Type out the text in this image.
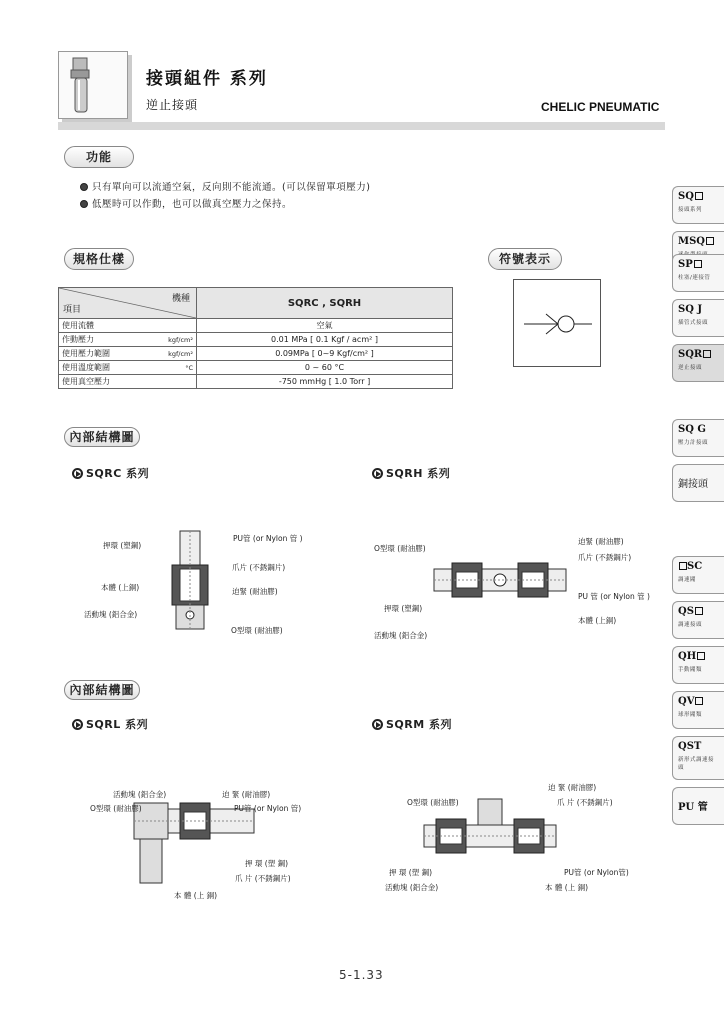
接頭組件 系列
逆止接頭	CHELIC PNEUMATIC
功能
只有單向可以流通空氣，反向則不能流通。(可以保留單項壓力)
低壓時可以作動，也可以做真空壓力之保持。
規格仕樣	符號表示
機種
項目		SQRC , SQRH
使用流體		空氣
作動壓力	kgf/cm²	0.01 MPa [ 0.1 Kgf / acm² ]
使用壓力範圍	kgf/cm²	0.09MPa [ 0~9 Kgf/cm² ]
使用溫度範圍	°C	0 ~ 60 °C
使用真空壓力		-750 mmHg [ 1.0 Torr ]
內部結構圖
SQRC 系列	SQRH 系列
PU管 (or Nylon 管 )
押環 (塑鋼)
爪片 (不銹鋼片)
本體 (上銅)	迫緊 (耐油膠)
活動塊 (鋁合金)
O型環 (耐油膠)
O型環 (耐油膠)
迫緊 (耐油膠)
爪片 (不銹鋼片)
PU 管 (or Nylon 管 )
押環 (塑鋼)
本體 (上銅)
活動塊 (鋁合金)
內部結構圖
SQRL 系列	SQRM 系列
活動塊 (鋁合金)	迫 緊 (耐油膠)
O型環 (耐油膠)	PU管 (or Nylon 管)
押 環 (塑 鋼)
爪 片 (不銹鋼片)
本 體 (上 銅)
迫 緊 (耐油膠)
O型環 (耐油膠)	爪 片 (不銹鋼片)
押 環 (塑 鋼)	PU管 (or Nylon管)
活動塊 (鋁合金)	本 體 (上 銅)
SQ
接頭系列
MSQ
SP
柱塞/連接管
SQ J
插管式接頭
SQR
逆止接頭
SQ G
壓力計接頭
銅接頭
SC
調速閥
QS
調速接頭
QH
手動閥類
QV
球形閥類
QST
新形式調速接頭
PU 管
5-1.33
